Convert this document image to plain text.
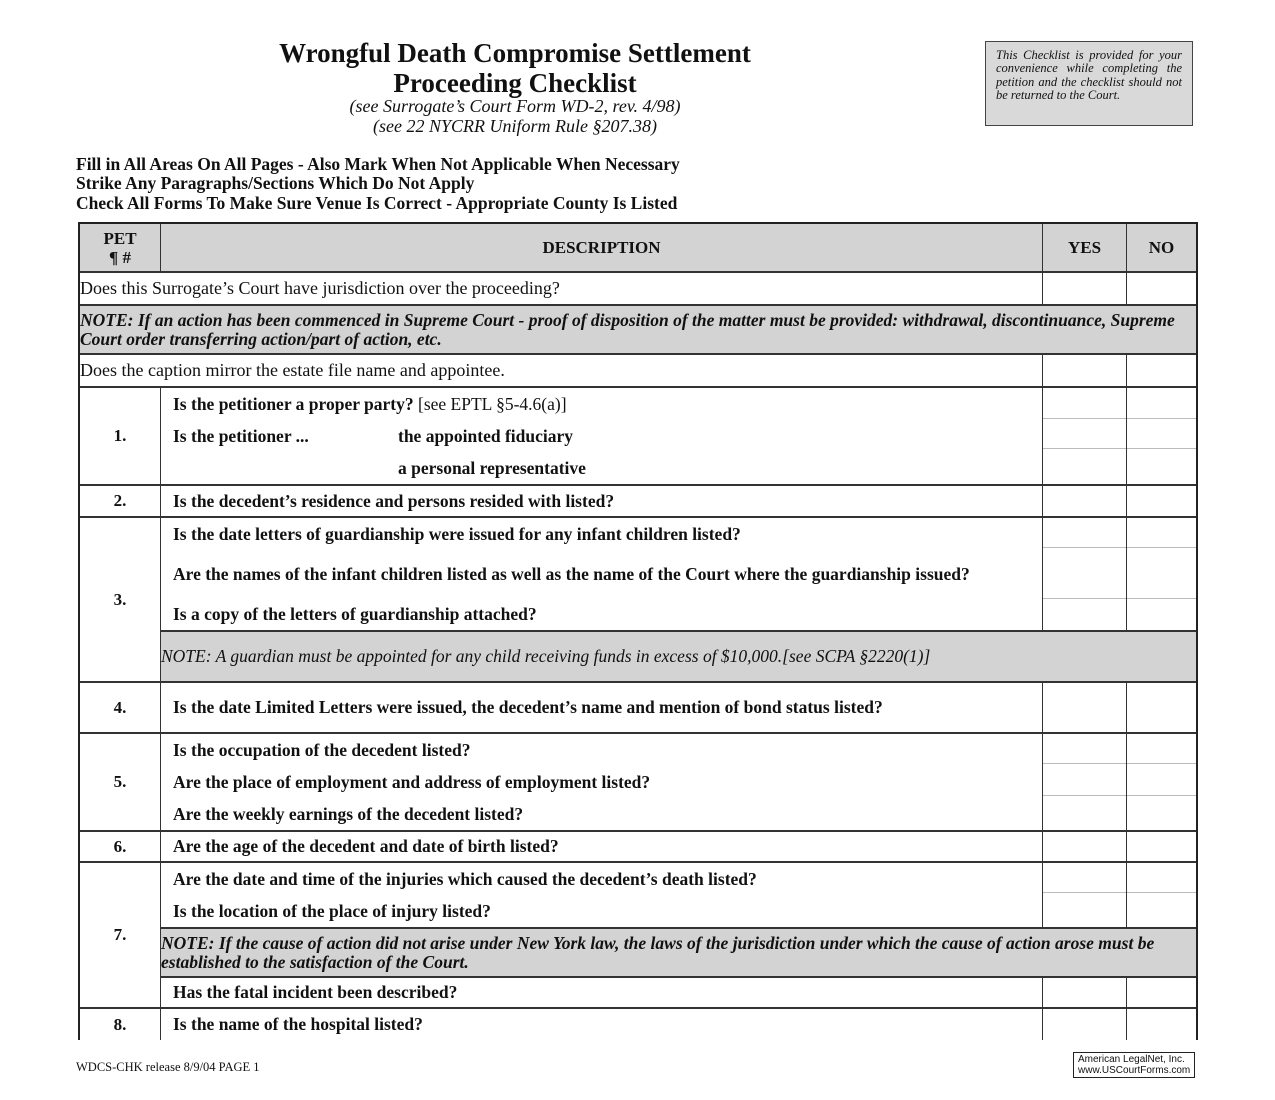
Wrongful Death Compromise Settlement
Proceeding Checklist
(see Surrogate’s Court Form WD-2, rev. 4/98)
(see 22 NYCRR Uniform Rule §207.38)
This Checklist is provided for your convenience while completing the petition and the checklist should not be returned to the Court.
Fill in All Areas On All Pages - Also Mark When Not Applicable When Necessary
Strike Any Paragraphs/Sections Which Do Not Apply
Check All Forms To Make Sure Venue Is Correct - Appropriate County Is Listed
PET
¶ #	DESCRIPTION	YES	NO
Does this Surrogate’s Court have jurisdiction over the proceeding?			
NOTE: If an action has been commenced in Supreme Court - proof of disposition of the matter must be provided: withdrawal, discontinuance, Supreme Court order transferring action/part of action, etc.			
Does the caption mirror the estate file name and appointee.			
1.	Is the petitioner a proper party?
[see EPTL §5-4.6(a)]
Is the petitioner ... the appointed fiduciary
a personal representative		

2.	Is the decedent’s residence and persons resided with listed?		

3.	Is the date letters of guardianship were issued for any infant children listed?
Are the names of the infant children listed as well as the name of the Court where the guardianship issued?
Is a copy of the letters of guardianship attached?		

	NOTE: A guardian must be appointed for any child receiving funds in excess of $10,000.[see SCPA §2220(1)]		
4.	Is the date Limited Letters were issued, the decedent’s name and mention of bond status listed?		

5.	Is the occupation of the decedent listed?
Are the place of employment and address of employment listed?
Are the weekly earnings of the decedent listed?		

6.	Are the age of the decedent and date of birth listed?		

7.	Are the date and time of the injuries which caused the decedent’s death listed?
Is the location of the place of injury listed?		

	NOTE: If the cause of action did not arise under New York law, the laws of the jurisdiction under which the cause of action arose must be established to the satisfaction of the Court.		

Has the fatal incident been described?		

8.	Is the name of the hospital listed?		

WDCS-CHK release 8/9/04 PAGE 1
American LegalNet, Inc.
www.USCourtForms.com
